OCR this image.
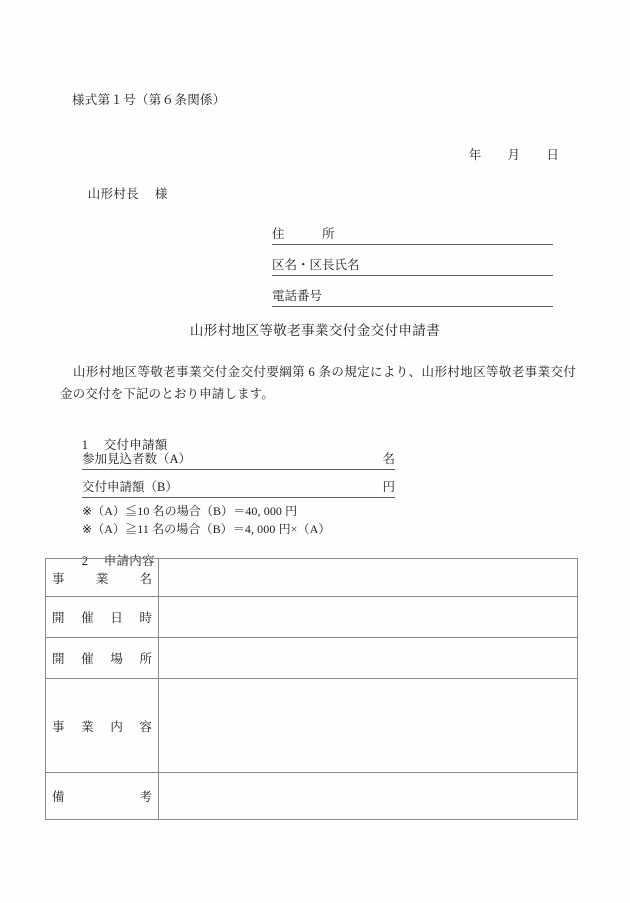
様式第１号（第６条関係）

年 月 日

山形村長 様

住　　　所
区名・区長氏名
電話番号
山形村地区等敬老事業交付金交付申請書
山形村地区等敬老事業交付金交付要綱第 6 条の規定により、山形村地区等敬老事業交付金の交付を下記のとおり申請します。

1 交付申請額

参加見込者数（A）	名
交付申請額（B）	円
※（A）≦10 名の場合（B）＝40, 000 円
※（A）≧11 名の場合（B）＝4, 000 円×（A）

2 申請内容

事業名	

開催日時	

開催場所	

事業内容	

備考	
